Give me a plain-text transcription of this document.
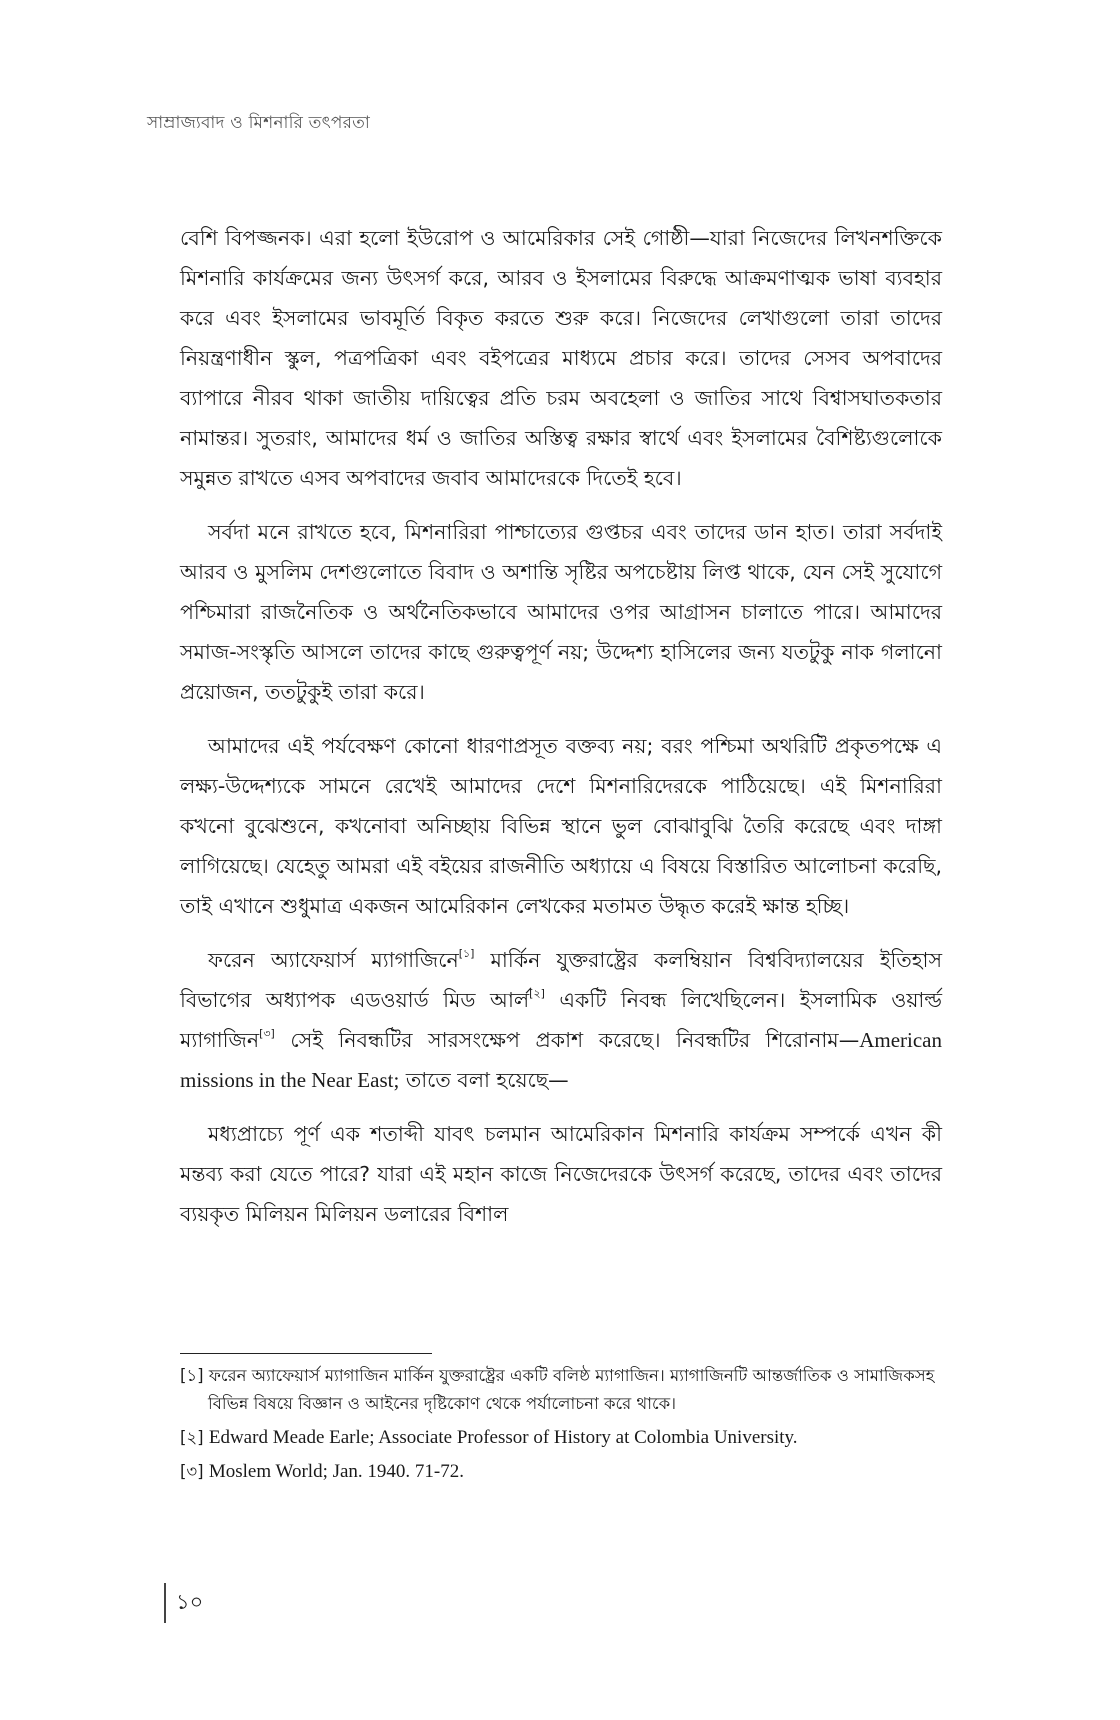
সাম্রাজ্যবাদ ও মিশনারি তৎপরতা

বেশি বিপজ্জনক। এরা হলো ইউরোপ ও আমেরিকার সেই গোষ্ঠী—যারা নিজেদের লিখনশক্তিকে মিশনারি কার্যক্রমের জন্য উৎসর্গ করে, আরব ও ইসলামের বিরুদ্ধে আক্রমণাত্মক ভাষা ব্যবহার করে এবং ইসলামের ভাবমূর্তি বিকৃত করতে শুরু করে। নিজেদের লেখাগুলো তারা তাদের নিয়ন্ত্রণাধীন স্কুল, পত্রপত্রিকা এবং বইপত্রের মাধ্যমে প্রচার করে। তাদের সেসব অপবাদের ব্যাপারে নীরব থাকা জাতীয় দায়িত্বের প্রতি চরম অবহেলা ও জাতির সাথে বিশ্বাসঘাতকতার নামান্তর। সুতরাং, আমাদের ধর্ম ও জাতির অস্তিত্ব রক্ষার স্বার্থে এবং ইসলামের বৈশিষ্ট্যগুলোকে সমুন্নত রাখতে এসব অপবাদের জবাব আমাদেরকে দিতেই হবে।

সর্বদা মনে রাখতে হবে, মিশনারিরা পাশ্চাত্যের গুপ্তচর এবং তাদের ডান হাত। তারা সর্বদাই আরব ও মুসলিম দেশগুলোতে বিবাদ ও অশান্তি সৃষ্টির অপচেষ্টায় লিপ্ত থাকে, যেন সেই সুযোগে পশ্চিমারা রাজনৈতিক ও অর্থনৈতিকভাবে আমাদের ওপর আগ্রাসন চালাতে পারে। আমাদের সমাজ-সংস্কৃতি আসলে তাদের কাছে গুরুত্বপূর্ণ নয়; উদ্দেশ্য হাসিলের জন্য যতটুকু নাক গলানো প্রয়োজন, ততটুকুই তারা করে।

আমাদের এই পর্যবেক্ষণ কোনো ধারণাপ্রসূত বক্তব্য নয়; বরং পশ্চিমা অথরিটি প্রকৃতপক্ষে এ লক্ষ্য-উদ্দেশ্যকে সামনে রেখেই আমাদের দেশে মিশনারিদেরকে পাঠিয়েছে। এই মিশনারিরা কখনো বুঝেশুনে, কখনোবা অনিচ্ছায় বিভিন্ন স্থানে ভুল বোঝাবুঝি তৈরি করেছে এবং দাঙ্গা লাগিয়েছে। যেহেতু আমরা এই বইয়ের রাজনীতি অধ্যায়ে এ বিষয়ে বিস্তারিত আলোচনা করেছি, তাই এখানে শুধুমাত্র একজন আমেরিকান লেখকের মতামত উদ্ধৃত করেই ক্ষান্ত হচ্ছি।

ফরেন অ্যাফেয়ার্স ম্যাগাজিনে[১] মার্কিন যুক্তরাষ্ট্রের কলম্বিয়ান বিশ্ববিদ্যালয়ের ইতিহাস বিভাগের অধ্যাপক এডওয়ার্ড মিড আর্ল[২] একটি নিবন্ধ লিখেছিলেন। ইসলামিক ওয়ার্ল্ড ম্যাগাজিন[৩] সেই নিবন্ধটির সারসংক্ষেপ প্রকাশ করেছে। নিবন্ধটির শিরোনাম—American missions in the Near East; তাতে বলা হয়েছে—

মধ্যপ্রাচ্যে পূর্ণ এক শতাব্দী যাবৎ চলমান আমেরিকান মিশনারি কার্যক্রম সম্পর্কে এখন কী মন্তব্য করা যেতে পারে? যারা এই মহান কাজে নিজেদেরকে উৎসর্গ করেছে, তাদের এবং তাদের ব্যয়কৃত মিলিয়ন মিলিয়ন ডলারের বিশাল

[১] ফরেন অ্যাফেয়ার্স ম্যাগাজিন মার্কিন যুক্তরাষ্ট্রের একটি বলিষ্ঠ ম্যাগাজিন। ম্যাগাজিনটি আন্তর্জাতিক ও সামাজিকসহ বিভিন্ন বিষয়ে বিজ্ঞান ও আইনের দৃষ্টিকোণ থেকে পর্যালোচনা করে থাকে।

[২] Edward Meade Earle; Associate Professor of History at Colombia University.

[৩] Moslem World; Jan. 1940. 71-72.

১০
